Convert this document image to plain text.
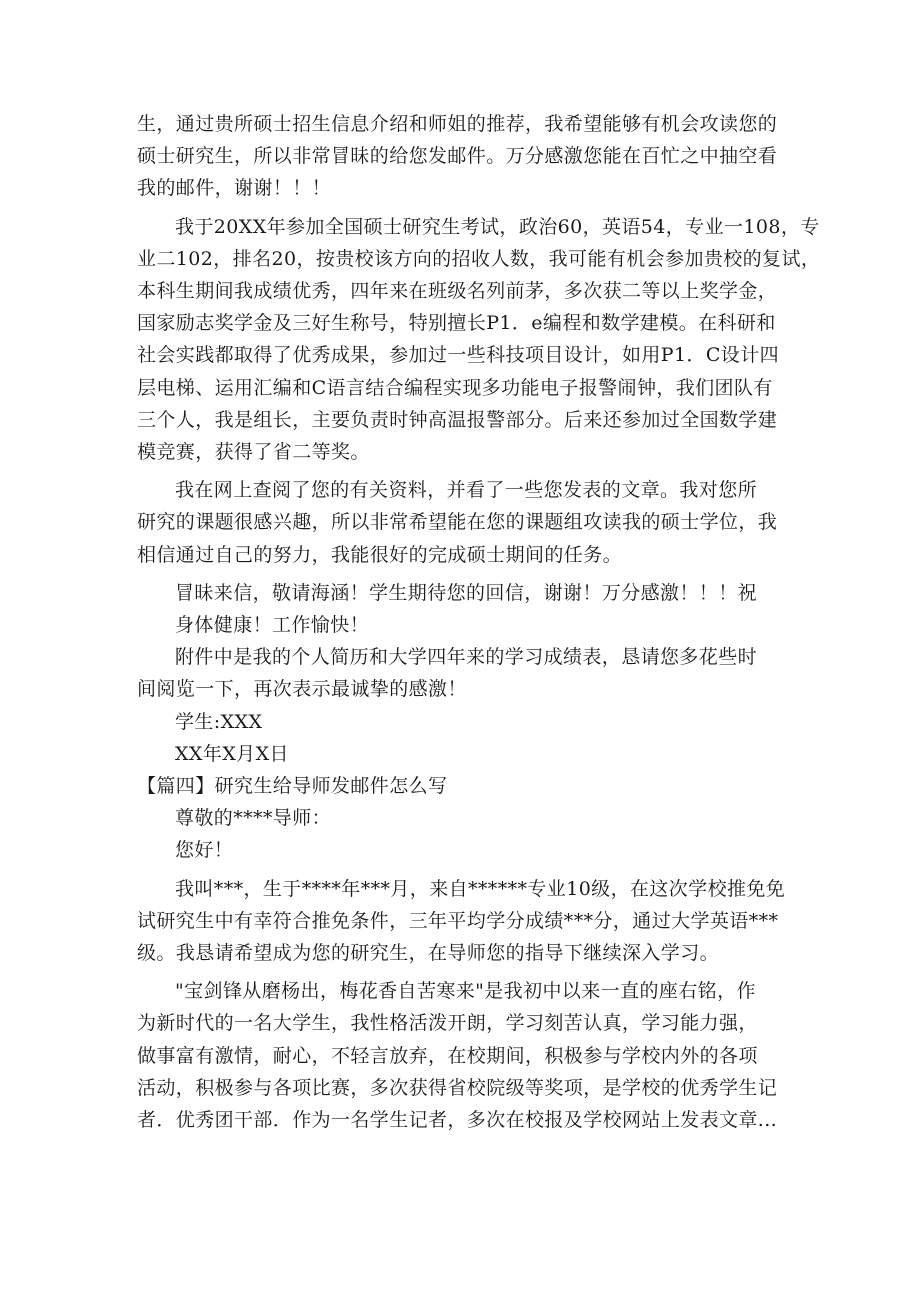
生，通过贵所硕士招生信息介绍和师姐的推荐，我希望能够有机会攻读您的
硕士研究生，所以非常冒昧的给您发邮件。万分感激您能在百忙之中抽空看
我的邮件，谢谢！！！
我于20XX年参加全国硕士研究生考试，政治60，英语54，专业一108，专
业二102，排名20，按贵校该方向的招收人数，我可能有机会参加贵校的复试，
本科生期间我成绩优秀，四年来在班级名列前茅，多次获二等以上奖学金，
国家励志奖学金及三好生称号，特别擅长P1．e编程和数学建模。在科研和
社会实践都取得了优秀成果，参加过一些科技项目设计，如用P1．C设计四
层电梯、运用汇编和C语言结合编程实现多功能电子报警闹钟，我们团队有
三个人，我是组长，主要负责时钟高温报警部分。后来还参加过全国数学建
模竞赛，获得了省二等奖。
我在网上查阅了您的有关资料，并看了一些您发表的文章。我对您所
研究的课题很感兴趣，所以非常希望能在您的课题组攻读我的硕士学位，我
相信通过自己的努力，我能很好的完成硕士期间的任务。
冒昧来信，敬请海涵！学生期待您的回信，谢谢！万分感激！！！祝
身体健康！工作愉快！
附件中是我的个人简历和大学四年来的学习成绩表，恳请您多花些时
间阅览一下，再次表示最诚挚的感激！
学生:XXX
XX年X月X日
【篇四】研究生给导师发邮件怎么写
尊敬的****导师：
您好！
我叫***，生于****年***月，来自******专业10级，在这次学校推免免
试研究生中有幸符合推免条件，三年平均学分成绩***分，通过大学英语***
级。我恳请希望成为您的研究生，在导师您的指导下继续深入学习。
"宝剑锋从磨杨出，梅花香自苦寒来"是我初中以来一直的座右铭，作
为新时代的一名大学生，我性格活泼开朗，学习刻苦认真，学习能力强，
做事富有激情，耐心，不轻言放弃，在校期间，积极参与学校内外的各项
活动，积极参与各项比赛，多次获得省校院级等奖项，是学校的优秀学生记
者．优秀团干部．作为一名学生记者，多次在校报及学校网站上发表文章...
